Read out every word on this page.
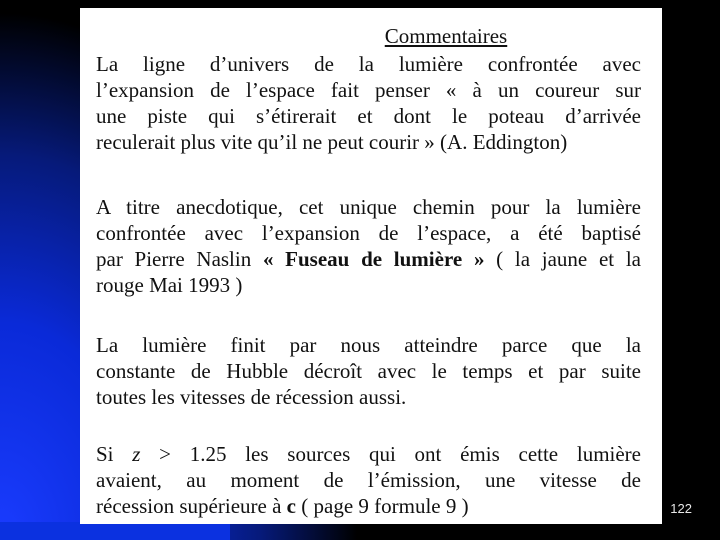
Commentaires
La ligne d’univers de la lumière confrontée avec
l’expansion de l’espace fait penser « à un coureur sur
une piste qui s’étirerait et dont le poteau d’arrivée
reculerait plus vite qu’il ne peut courir » (A. Eddington)
A titre anecdotique, cet unique chemin pour la lumière
confrontée avec l’expansion de l’espace, a été baptisé
par Pierre Naslin « Fuseau de lumière » ( la jaune et la
rouge Mai 1993 )
La lumière finit par nous atteindre parce que la
constante de Hubble décroît avec le temps et par suite
toutes les vitesses de récession aussi.
Si z > 1.25 les sources qui ont émis cette lumière
avaient, au moment de l’émission, une vitesse de
récession supérieure à c ( page 9 formule 9 )	122
